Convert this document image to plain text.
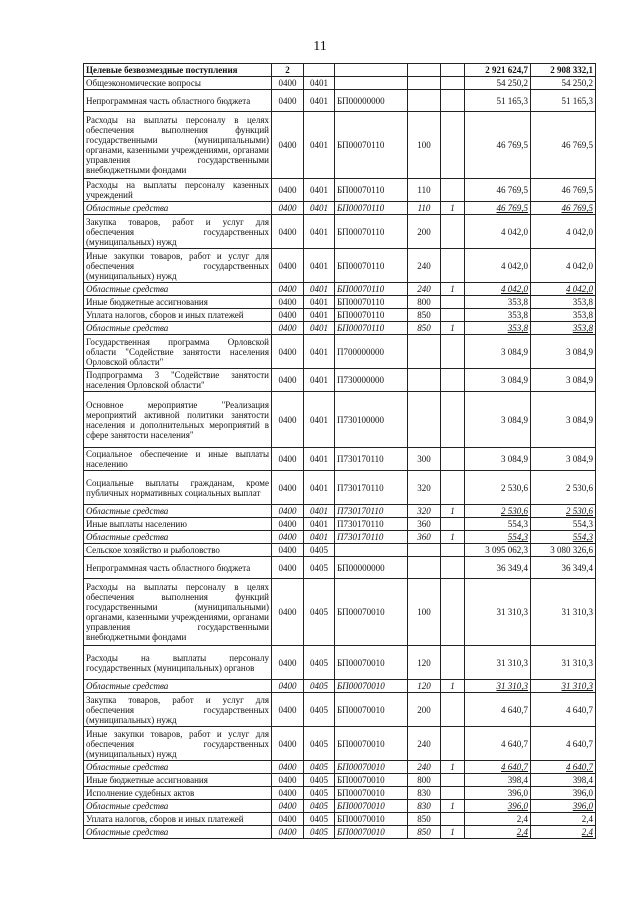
11
Целевые безвозмездные поступления	2					2 921 624,7	2 908 332,1
Общеэкономические вопросы	0400	0401				54 250,2	54 250,2
Непрограммная часть областного бюджета	0400	0401	БП00000000			51 165,3	51 165,3
Расходы на выплаты персоналу в целях обеспечения выполнения функций государственными (муниципальными) органами, казенными учреждениями, органами управления государственными внебюджетными фондами	0400	0401	БП00070110	100		46 769,5	46 769,5
Расходы на выплаты персоналу казенных учреждений	0400	0401	БП00070110	110		46 769,5	46 769,5
Областные средства	0400	0401	БП00070110	110	1	46 769,5	46 769,5
Закупка товаров, работ и услуг для обеспечения государственных (муниципальных) нужд	0400	0401	БП00070110	200		4 042,0	4 042,0
Иные закупки товаров, работ и услуг для обеспечения государственных (муниципальных) нужд	0400	0401	БП00070110	240		4 042,0	4 042,0
Областные средства	0400	0401	БП00070110	240	1	4 042,0	4 042,0
Иные бюджетные ассигнования	0400	0401	БП00070110	800		353,8	353,8
Уплата налогов, сборов и иных платежей	0400	0401	БП00070110	850		353,8	353,8
Областные средства	0400	0401	БП00070110	850	1	353,8	353,8
Государственная программа Орловской области "Содействие занятости населения Орловской области"	0400	0401	П700000000			3 084,9	3 084,9
Подпрограмма 3 "Содействие занятости населения Орловской области"	0400	0401	П730000000			3 084,9	3 084,9
Основное мероприятие "Реализация мероприятий активной политики занятости населения и дополнительных мероприятий в сфере занятости населения"	0400	0401	П730100000			3 084,9	3 084,9
Социальное обеспечение и иные выплаты населению	0400	0401	П730170110	300		3 084,9	3 084,9
Социальные выплаты гражданам, кроме публичных нормативных социальных выплат	0400	0401	П730170110	320		2 530,6	2 530,6
Областные средства	0400	0401	П730170110	320	1	2 530,6	2 530,6
Иные выплаты населению	0400	0401	П730170110	360		554,3	554,3
Областные средства	0400	0401	П730170110	360	1	554,3	554,3
Сельское хозяйство и рыболовство	0400	0405				3 095 062,3	3 080 326,6
Непрограммная часть областного бюджета	0400	0405	БП00000000			36 349,4	36 349,4
Расходы на выплаты персоналу в целях обеспечения выполнения функций государственными (муниципальными) органами, казенными учреждениями, органами управления государственными внебюджетными фондами	0400	0405	БП00070010	100		31 310,3	31 310,3
Расходы на выплаты персоналу государственных (муниципальных) органов	0400	0405	БП00070010	120		31 310,3	31 310,3
Областные средства	0400	0405	БП00070010	120	1	31 310,3	31 310,3
Закупка товаров, работ и услуг для обеспечения государственных (муниципальных) нужд	0400	0405	БП00070010	200		4 640,7	4 640,7
Иные закупки товаров, работ и услуг для обеспечения государственных (муниципальных) нужд	0400	0405	БП00070010	240		4 640,7	4 640,7
Областные средства	0400	0405	БП00070010	240	1	4 640,7	4 640,7
Иные бюджетные ассигнования	0400	0405	БП00070010	800		398,4	398,4
Исполнение судебных актов	0400	0405	БП00070010	830		396,0	396,0
Областные средства	0400	0405	БП00070010	830	1	396,0	396,0
Уплата налогов, сборов и иных платежей	0400	0405	БП00070010	850		2,4	2,4
Областные средства	0400	0405	БП00070010	850	1	2,4	2,4
